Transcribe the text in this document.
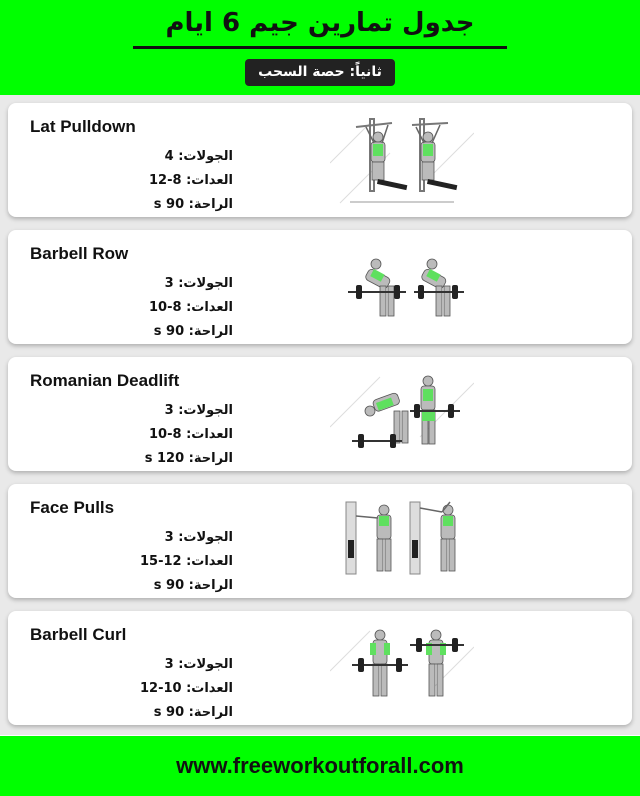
جدول تمارين جيم 6 ايام
ثانياً: حصة السحب
Lat Pulldown
الجولات: 4
العدات: 8-12
الراحة: 90 s
Barbell Row
الجولات: 3
العدات: 8-10
الراحة: 90 s
Romanian Deadlift
الجولات: 3
العدات: 8-10
الراحة: 120 s
Face Pulls
الجولات: 3
العدات: 12-15
الراحة: 90 s
Barbell Curl
الجولات: 3
العدات: 10-12
الراحة: 90 s
www.freeworkoutforall.com
